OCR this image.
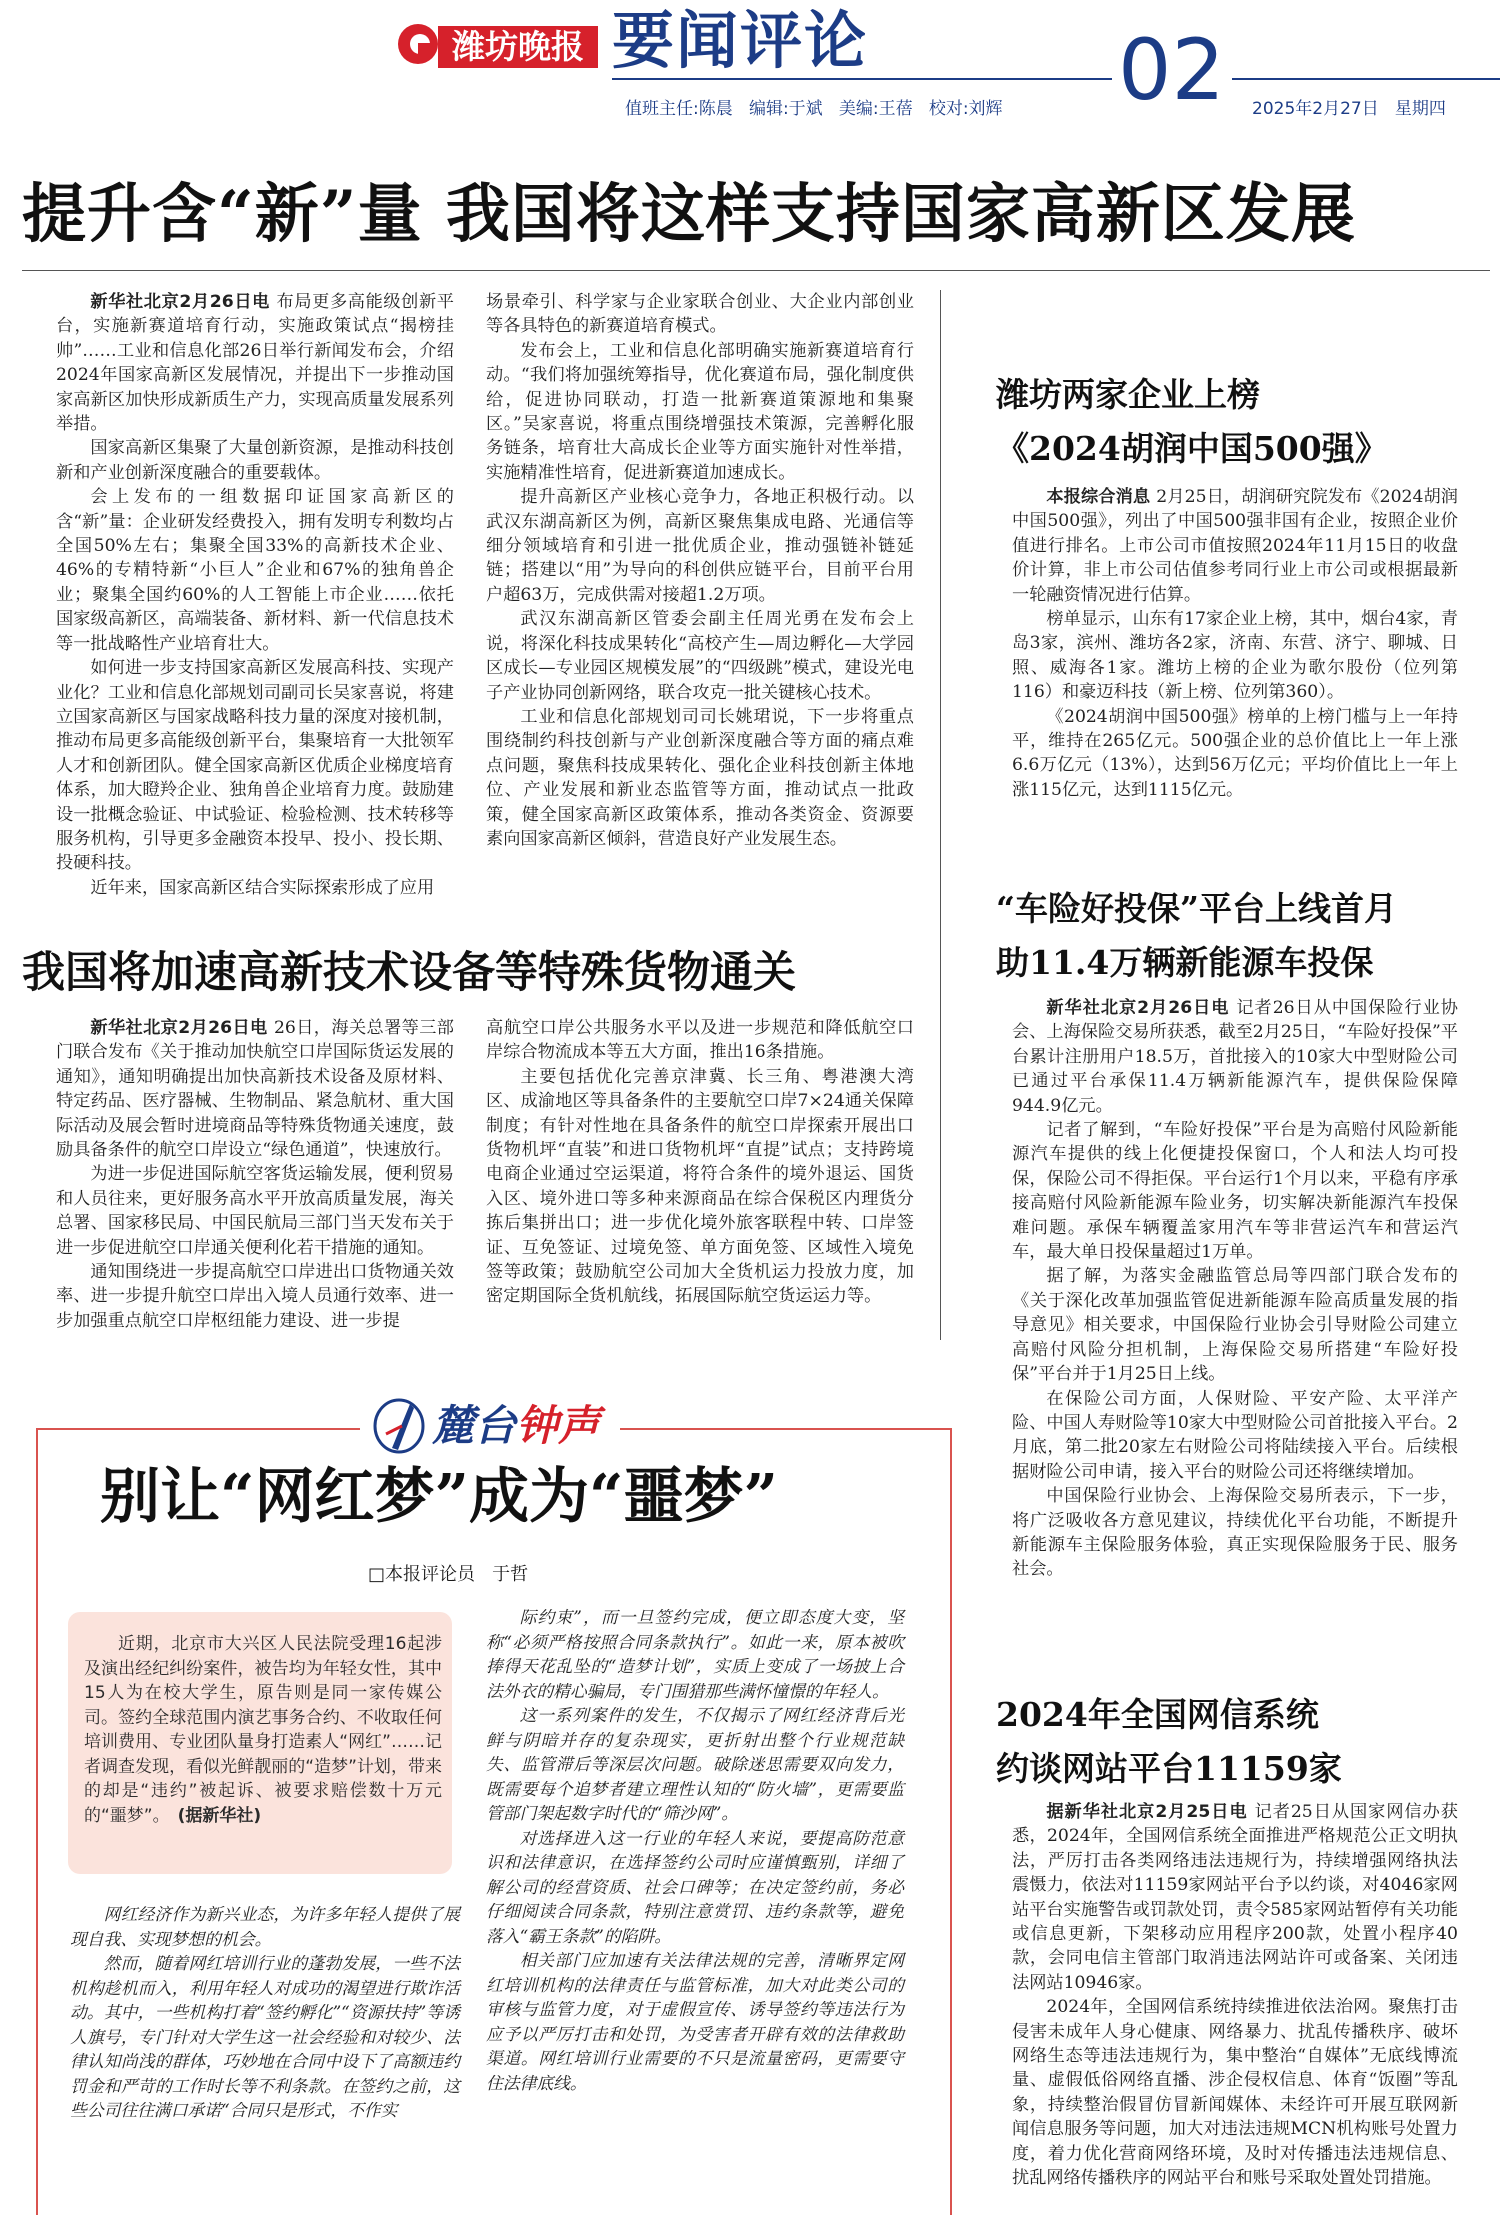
潍坊晚报 要闻评论
值班主任:陈晨   编辑:于斌   美编:王蓓   校对:刘辉 02 2025年2月27日   星期四
提升含“新”量 我国将这样支持国家高新区发展

新华社北京2月26日电 布局更多高能级创新平台，实施新赛道培育行动，实施政策试点“揭榜挂帅”……工业和信息化部26日举行新闻发布会，介绍2024年国家高新区发展情况，并提出下一步推动国家高新区加快形成新质生产力，实现高质量发展系列举措。

国家高新区集聚了大量创新资源，是推动科技创新和产业创新深度融合的重要载体。

会上发布的一组数据印证国家高新区的含“新”量：企业研发经费投入，拥有发明专利数均占全国50%左右；集聚全国33%的高新技术企业、46%的专精特新“小巨人”企业和67%的独角兽企业；聚集全国约60%的人工智能上市企业……依托国家级高新区，高端装备、新材料、新一代信息技术等一批战略性产业培育壮大。

如何进一步支持国家高新区发展高科技、实现产业化？工业和信息化部规划司副司长吴家喜说，将建立国家高新区与国家战略科技力量的深度对接机制，推动布局更多高能级创新平台，集聚培育一大批领军人才和创新团队。健全国家高新区优质企业梯度培育体系，加大瞪羚企业、独角兽企业培育力度。鼓励建设一批概念验证、中试验证、检验检测、技术转移等服务机构，引导更多金融资本投早、投小、投长期、投硬科技。

近年来，国家高新区结合实际探索形成了应用

场景牵引、科学家与企业家联合创业、大企业内部创业等各具特色的新赛道培育模式。

发布会上，工业和信息化部明确实施新赛道培育行动。“我们将加强统筹指导，优化赛道布局，强化制度供给，促进协同联动，打造一批新赛道策源地和集聚区。”吴家喜说，将重点围绕增强技术策源，完善孵化服务链条，培育壮大高成长企业等方面实施针对性举措，实施精准性培育，促进新赛道加速成长。

提升高新区产业核心竞争力，各地正积极行动。以武汉东湖高新区为例，高新区聚焦集成电路、光通信等细分领域培育和引进一批优质企业，推动强链补链延链；搭建以“用”为导向的科创供应链平台，目前平台用户超63万，完成供需对接超1.2万项。

武汉东湖高新区管委会副主任周光勇在发布会上说，将深化科技成果转化“高校产生—周边孵化—大学园区成长—专业园区规模发展”的“四级跳”模式，建设光电子产业协同创新网络，联合攻克一批关键核心技术。

工业和信息化部规划司司长姚珺说，下一步将重点围绕制约科技创新与产业创新深度融合等方面的痛点难点问题，聚焦科技成果转化、强化企业科技创新主体地位、产业发展和新业态监管等方面，推动试点一批政策，健全国家高新区政策体系，推动各类资金、资源要素向国家高新区倾斜，营造良好产业发展生态。

我国将加速高新技术设备等特殊货物通关

新华社北京2月26日电 26日，海关总署等三部门联合发布《关于推动加快航空口岸国际货运发展的通知》，通知明确提出加快高新技术设备及原材料、特定药品、医疗器械、生物制品、紧急航材、重大国际活动及展会暂时进境商品等特殊货物通关速度，鼓励具备条件的航空口岸设立“绿色通道”，快速放行。

为进一步促进国际航空客货运输发展，便利贸易和人员往来，更好服务高水平开放高质量发展，海关总署、国家移民局、中国民航局三部门当天发布关于进一步促进航空口岸通关便利化若干措施的通知。

通知围绕进一步提高航空口岸进出口货物通关效率、进一步提升航空口岸出入境人员通行效率、进一步加强重点航空口岸枢纽能力建设、进一步提

高航空口岸公共服务水平以及进一步规范和降低航空口岸综合物流成本等五大方面，推出16条措施。

主要包括优化完善京津冀、长三角、粤港澳大湾区、成渝地区等具备条件的主要航空口岸7×24通关保障制度；有针对性地在具备条件的航空口岸探索开展出口货物机坪“直装”和进口货物机坪“直提”试点；支持跨境电商企业通过空运渠道，将符合条件的境外退运、国货入区、境外进口等多种来源商品在综合保税区内理货分拣后集拼出口；进一步优化境外旅客联程中转、口岸签证、互免签证、过境免签、单方面免签、区域性入境免签等政策；鼓励航空公司加大全货机运力投放力度，加密定期国际全货机航线，拓展国际航空货运运力等。

麓台钟声
别让“网红梦”成为“噩梦”
□本报评论员   于哲

近期，北京市大兴区人民法院受理16起涉及演出经纪纠纷案件，被告均为年轻女性，其中15人为在校大学生，原告则是同一家传媒公司。签约全球范围内演艺事务合约、不收取任何培训费用、专业团队量身打造素人“网红”……记者调查发现，看似光鲜靓丽的“造梦”计划，带来的却是“违约”被起诉、被要求赔偿数十万元的“噩梦”。 (据新华社)

网红经济作为新兴业态，为许多年轻人提供了展现自我、实现梦想的机会。

然而，随着网红培训行业的蓬勃发展，一些不法机构趁机而入，利用年轻人对成功的渴望进行欺诈活动。其中，一些机构打着“签约孵化”“资源扶持”等诱人旗号，专门针对大学生这一社会经验和对较少、法律认知尚浅的群体，巧妙地在合同中设下了高额违约罚金和严苛的工作时长等不利条款。在签约之前，这些公司往往满口承诺“合同只是形式，不作实

际约束”，而一旦签约完成，便立即态度大变，坚称“必须严格按照合同条款执行”。如此一来，原本被吹捧得天花乱坠的“造梦计划”，实质上变成了一场披上合法外衣的精心骗局，专门围猎那些满怀憧憬的年轻人。

这一系列案件的发生，不仅揭示了网红经济背后光鲜与阴暗并存的复杂现实，更折射出整个行业规范缺失、监管滞后等深层次问题。破除迷思需要双向发力，既需要每个追梦者建立理性认知的“防火墙”，更需要监管部门架起数字时代的“筛沙网”。

对选择进入这一行业的年轻人来说，要提高防范意识和法律意识，在选择签约公司时应谨慎甄别，详细了解公司的经营资质、社会口碑等；在决定签约前，务必仔细阅读合同条款，特别注意赏罚、违约条款等，避免落入“霸王条款”的陷阱。

相关部门应加速有关法律法规的完善，清晰界定网红培训机构的法律责任与监管标准，加大对此类公司的审核与监管力度，对于虚假宣传、诱导签约等违法行为应予以严厉打击和处罚，为受害者开辟有效的法律救助渠道。网红培训行业需要的不只是流量密码，更需要守住法律底线。

潍坊两家企业上榜
《2024胡润中国500强》

本报综合消息 2月25日，胡润研究院发布《2024胡润中国500强》，列出了中国500强非国有企业，按照企业价值进行排名。上市公司市值按照2024年11月15日的收盘价计算，非上市公司估值参考同行业上市公司或根据最新一轮融资情况进行估算。

榜单显示，山东有17家企业上榜，其中，烟台4家，青岛3家，滨州、潍坊各2家，济南、东营、济宁、聊城、日照、威海各1家。潍坊上榜的企业为歌尔股份（位列第116）和豪迈科技（新上榜、位列第360）。

《2024胡润中国500强》榜单的上榜门槛与上一年持平，维持在265亿元。500强企业的总价值比上一年上涨6.6万亿元（13%），达到56万亿元；平均价值比上一年上涨115亿元，达到1115亿元。

“车险好投保”平台上线首月
助11.4万辆新能源车投保

新华社北京2月26日电 记者26日从中国保险行业协会、上海保险交易所获悉，截至2月25日，“车险好投保”平台累计注册用户18.5万，首批接入的10家大中型财险公司已通过平台承保11.4万辆新能源汽车，提供保险保障944.9亿元。

记者了解到，“车险好投保”平台是为高赔付风险新能源汽车提供的线上化便捷投保窗口，个人和法人均可投保，保险公司不得拒保。平台运行1个月以来，平稳有序承接高赔付风险新能源车险业务，切实解决新能源汽车投保难问题。承保车辆覆盖家用汽车等非营运汽车和营运汽车，最大单日投保量超过1万单。

据了解，为落实金融监管总局等四部门联合发布的《关于深化改革加强监管促进新能源车险高质量发展的指导意见》相关要求，中国保险行业协会引导财险公司建立高赔付风险分担机制，上海保险交易所搭建“车险好投保”平台并于1月25日上线。

在保险公司方面，人保财险、平安产险、太平洋产险、中国人寿财险等10家大中型财险公司首批接入平台。2月底，第二批20家左右财险公司将陆续接入平台。后续根据财险公司申请，接入平台的财险公司还将继续增加。

中国保险行业协会、上海保险交易所表示，下一步，将广泛吸收各方意见建议，持续优化平台功能，不断提升新能源车主保险服务体验，真正实现保险服务于民、服务社会。

2024年全国网信系统
约谈网站平台11159家

据新华社北京2月25日电 记者25日从国家网信办获悉，2024年，全国网信系统全面推进严格规范公正文明执法，严厉打击各类网络违法违规行为，持续增强网络执法震慑力，依法对11159家网站平台予以约谈，对4046家网站平台实施警告或罚款处罚，责令585家网站暂停有关功能或信息更新，下架移动应用程序200款，处置小程序40款，会同电信主管部门取消违法网站许可或备案、关闭违法网站10946家。

2024年，全国网信系统持续推进依法治网。聚焦打击侵害未成年人身心健康、网络暴力、扰乱传播秩序、破坏网络生态等违法违规行为，集中整治“自媒体”无底线博流量、虚假低俗网络直播、涉企侵权信息、体育“饭圈”等乱象，持续整治假冒仿冒新闻媒体、未经许可开展互联网新闻信息服务等问题，加大对违法违规MCN机构账号处置力度，着力优化营商网络环境，及时对传播违法违规信息、扰乱网络传播秩序的网站平台和账号采取处置处罚措施。
